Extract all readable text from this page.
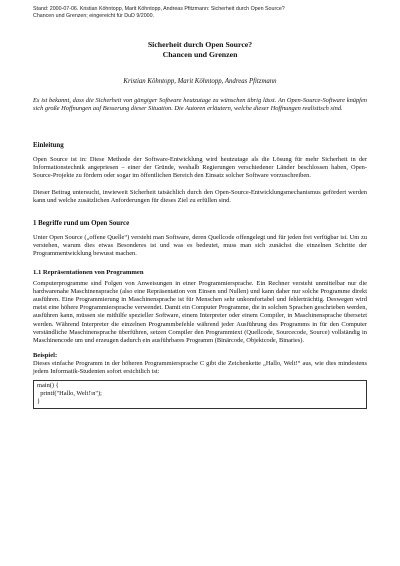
Stand: 2000-07-06. Kristian Köhntopp, Marit Köhntopp, Andreas Pfitzmann: Sicherheit durch Open Source?
Chancen und Grenzen; eingereicht für DuD 9/2000.

Sicherheit durch Open Source?

Chancen und Grenzen

Kristian Köhntopp, Marit Köhntopp, Andreas Pfitzmann
Es ist bekannt, dass die Sicherheit von gängiger Software heutzutage zu wünschen übrig lässt. An Open-Source-Software knüpfen sich große Hoffnungen auf Besserung dieser Situation. Die Autoren erläutern, welche dieser Hoffnungen realistisch sind.
Einleitung

Open Source ist in: Diese Methode der Software-Entwicklung wird heutzutage als die Lösung für mehr Sicherheit in der Informationstechnik angepriesen – einer der Gründe, weshalb Regierungen verschiedener Länder beschlossen haben, Open-Source-Projekte zu fördern oder sogar im öffentlichen Bereich den Einsatz solcher Software vorzuschreiben.

Dieser Beitrag untersucht, inwieweit Sicherheit tatsächlich durch den Open-Source-Entwicklungsmechanismus gefördert werden kann und welche zusätzlichen Anforderungen für dieses Ziel zu erfüllen sind.

1 Begriffe rund um Open Source

Unter Open Source („offene Quelle“) versteht man Software, deren Quellcode offengelegt und für jeden frei verfügbar ist. Um zu verstehen, warum dies etwas Besonderes ist und was es bedeutet, muss man sich zunächst die einzelnen Schritte der Programmentwicklung bewusst machen.

1.1 Repräsentationen von Programmen

Computerprogramme sind Folgen von Anweisungen in einer Programmiersprache. Ein Rechner versteht unmittelbar nur die hardwarenahe Maschinensprache (also eine Repräsentation von Einsen und Nullen) und kann daher nur solche Programme direkt ausführen. Eine Programmierung in Maschinensprache ist für Menschen sehr unkomfortabel und fehlerträchtig. Deswegen wird meist eine höhere Programmiersprache verwendet. Damit ein Computer Programme, die in solchen Sprachen geschrieben werden, ausführen kann, müssen sie mithilfe spezieller Software, einem Interpreter oder einem Compiler, in Maschinensprache übersetzt werden. Während Interpreter die einzelnen Programmbefehle während jeder Ausführung des Programms in für den Computer verständliche Maschinensprache überführen, setzen Compiler den Programmtext (Quellcode, Sourcecode, Source) vollständig in Maschinencode um und erzeugen dadurch ein ausführbares Programm (Binärcode, Objektcode, Binaries).

Beispiel:

Dieses einfache Programm in der höheren Programmiersprache C gibt die Zeichenkette „Hallo, Welt!“ aus, wie dies mindestens jedem Informatik-Studenten sofort ersichtlich ist:

main() {
printf("Hallo, Welt!\n");
}
